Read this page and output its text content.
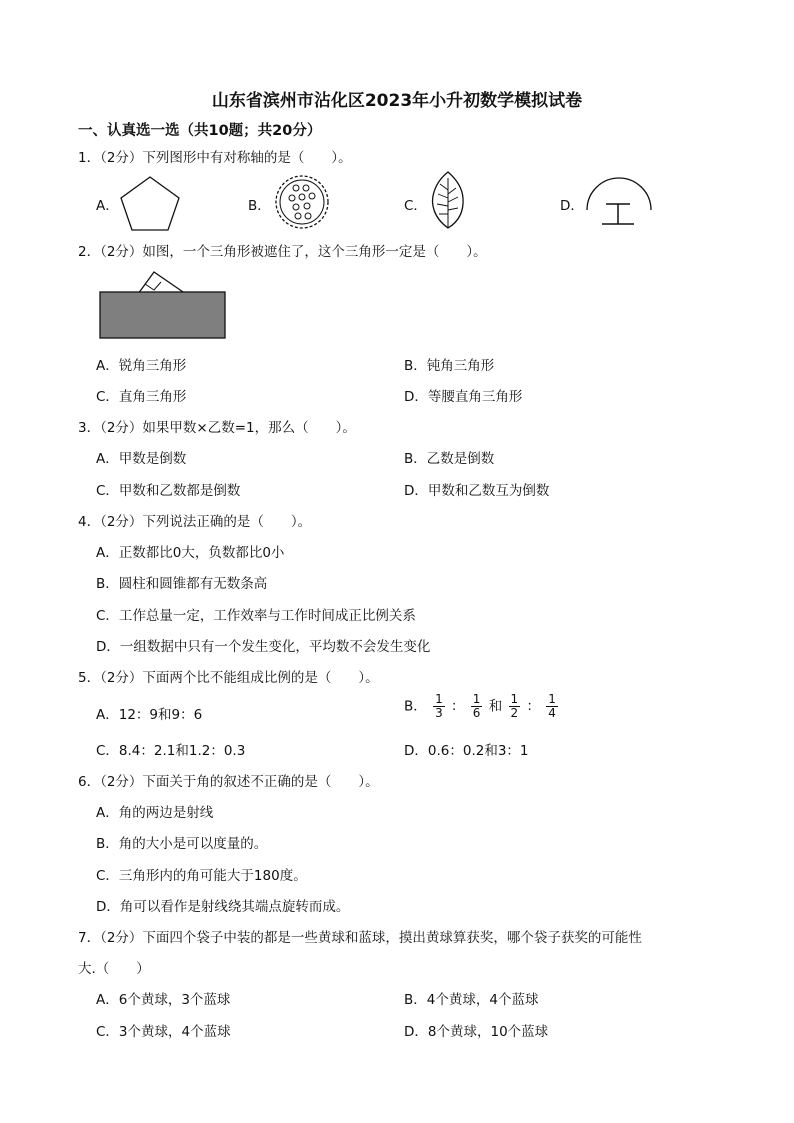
山东省滨州市沾化区2023年小升初数学模拟试卷
一、认真选一选（共10题；共20分）
1．（2分）下列图形中有对称轴的是（　　）。
A．	B．	C．	D．
2．（2分）如图，一个三角形被遮住了，这个三角形一定是（　　）。
A．锐角三角形	B．钝角三角形
C．直角三角形	D．等腰直角三角形
3．（2分）如果甲数×乙数=1，那么（　　）。
A．甲数是倒数	B．乙数是倒数
C．甲数和乙数都是倒数	D．甲数和乙数互为倒数
4．（2分）下列说法正确的是（　　）。
A．正数都比0大，负数都比0小
B．圆柱和圆锥都有无数条高
C．工作总量一定，工作效率与工作时间成正比例关系
D．一组数据中只有一个发生变化，平均数不会发生变化
5．（2分）下面两个比不能组成比例的是（　　）。
A．12：9和9：6
B． $\frac{1}{3}$ ： $\frac{1}{6}$ 和 $\frac{1}{2}$ ： $\frac{1}{4}$
C．8.4：2.1和1.2：0.3	D．0.6：0.2和3：1
6．（2分）下面关于角的叙述不正确的是（　　）。
A．角的两边是射线
B．角的大小是可以度量的。
C．三角形内的角可能大于180度。
D．角可以看作是射线绕其端点旋转而成。
7．（2分）下面四个袋子中装的都是一些黄球和蓝球，摸出黄球算获奖，哪个袋子获奖的可能性
大.（　　）
A．6个黄球，3个蓝球	B．4个黄球，4个蓝球
C．3个黄球，4个蓝球	D．8个黄球，10个蓝球
